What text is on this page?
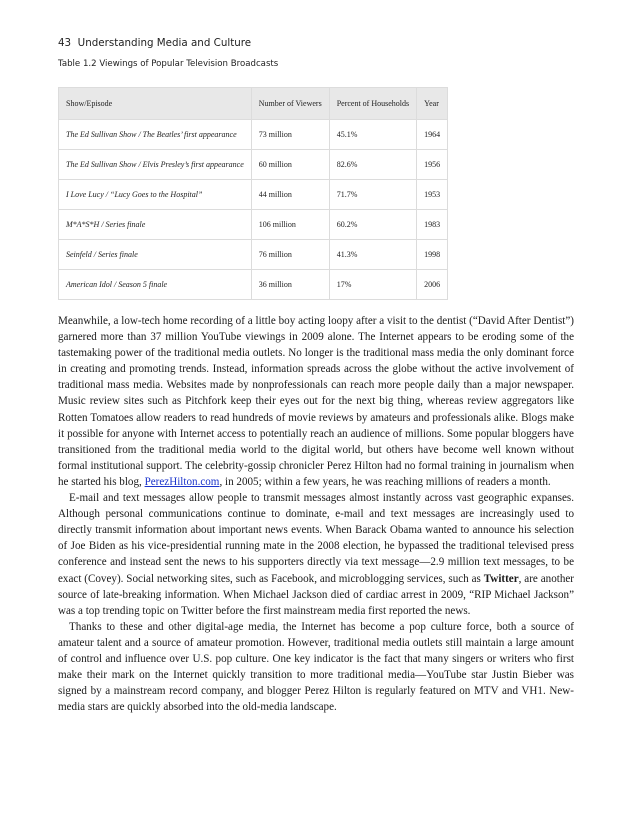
43 Understanding Media and Culture
Table 1.2 Viewings of Popular Television Broadcasts
Show/Episode	Number of Viewers	Percent of Households	Year
The Ed Sullivan Show / The Beatles’ first appearance	73 million	45.1%	1964
The Ed Sullivan Show / Elvis Presley’s first appearance	60 million	82.6%	1956
I Love Lucy / “Lucy Goes to the Hospital”	44 million	71.7%	1953
M*A*S*H / Series finale	106 million	60.2%	1983
Seinfeld / Series finale	76 million	41.3%	1998
American Idol / Season 5 finale	36 million	17%	2006

Meanwhile, a low-tech home recording of a little boy acting loopy after a visit to the dentist (“David After Dentist”) garnered more than 37 million YouTube viewings in 2009 alone. The Internet appears to be eroding some of the tastemaking power of the traditional media outlets. No longer is the traditional mass media the only dominant force in creating and promoting trends. Instead, information spreads across the globe without the active involvement of traditional mass media. Websites made by nonprofessionals can reach more people daily than a major newspaper. Music review sites such as Pitchfork keep their eyes out for the next big thing, whereas review aggregators like Rotten Tomatoes allow readers to read hundreds of movie reviews by amateurs and professionals alike. Blogs make it possible for anyone with Internet access to potentially reach an audience of millions. Some popular bloggers have transitioned from the traditional media world to the digital world, but others have become well known without formal institutional support. The celebrity-gossip chronicler Perez Hilton had no formal training in journalism when he started his blog, PerezHilton.com, in 2005; within a few years, he was reaching millions of readers a month.

E-mail and text messages allow people to transmit messages almost instantly across vast geographic expanses. Although personal communications continue to dominate, e-mail and text messages are increasingly used to directly transmit information about important news events. When Barack Obama wanted to announce his selection of Joe Biden as his vice-presidential running mate in the 2008 election, he bypassed the traditional televised press conference and instead sent the news to his supporters directly via text message—2.9 million text messages, to be exact (Covey). Social networking sites, such as Facebook, and microblogging services, such as Twitter, are another source of late-breaking information. When Michael Jackson died of cardiac arrest in 2009, “RIP Michael Jackson” was a top trending topic on Twitter before the first mainstream media first reported the news.

Thanks to these and other digital-age media, the Internet has become a pop culture force, both a source of amateur talent and a source of amateur promotion. However, traditional media outlets still maintain a large amount of control and influence over U.S. pop culture. One key indicator is the fact that many singers or writers who first make their mark on the Internet quickly transition to more traditional media—YouTube star Justin Bieber was signed by a mainstream record company, and blogger Perez Hilton is regularly featured on MTV and VH1. New-media stars are quickly absorbed into the old-media landscape.
